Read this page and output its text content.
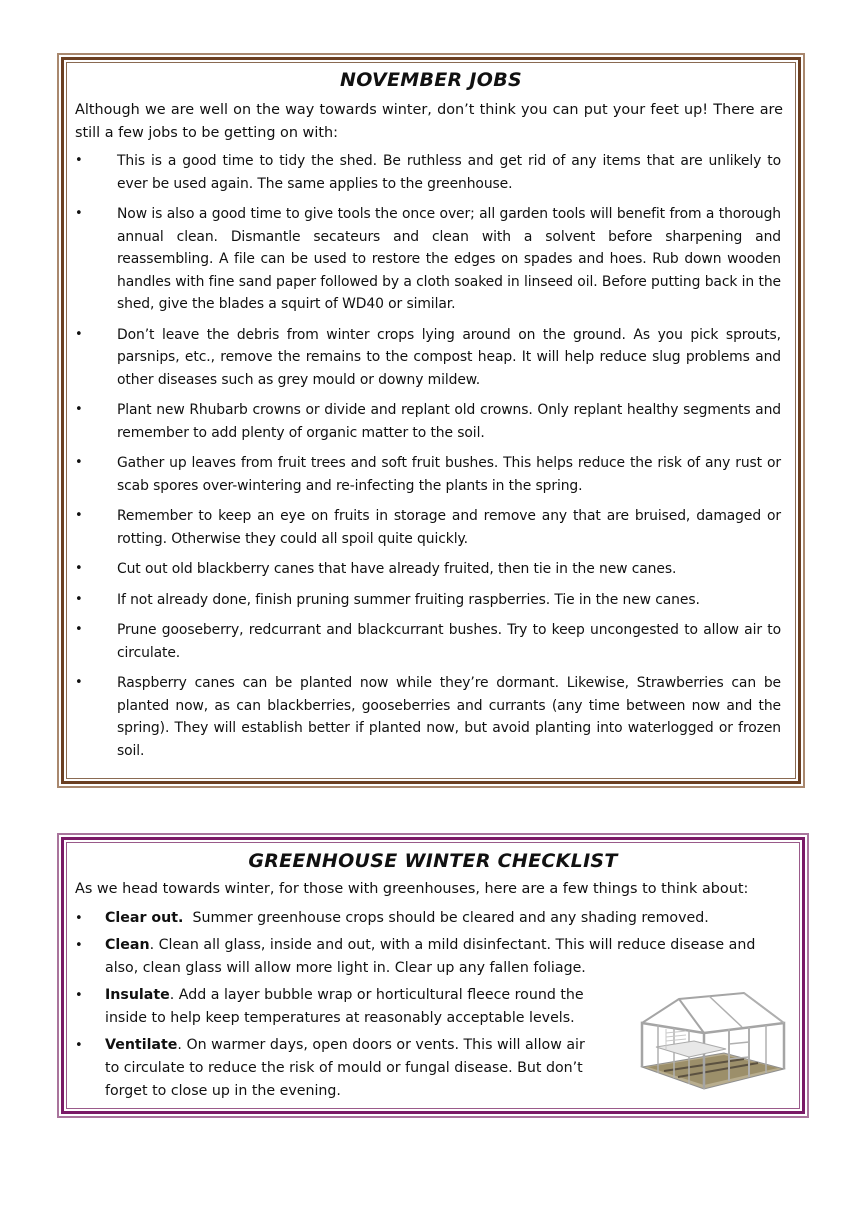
NOVEMBER JOBS

Although we are well on the way towards winter, don’t think you can put your feet up! There are still a few jobs to be getting on with:

• This is a good time to tidy the shed. Be ruthless and get rid of any items that are unlikely to ever be used again. The same applies to the greenhouse.
• Now is also a good time to give tools the once over; all garden tools will benefit from a thorough annual clean. Dismantle secateurs and clean with a solvent before sharpening and reassembling. A file can be used to restore the edges on spades and hoes. Rub down wooden handles with fine sand paper followed by a cloth soaked in linseed oil. Before putting back in the shed, give the blades a squirt of WD40 or similar.
• Don’t leave the debris from winter crops lying around on the ground. As you pick sprouts, parsnips, etc., remove the remains to the compost heap. It will help reduce slug problems and other diseases such as grey mould or downy mildew.
• Plant new Rhubarb crowns or divide and replant old crowns. Only replant healthy segments and remember to add plenty of organic matter to the soil.
• Gather up leaves from fruit trees and soft fruit bushes. This helps reduce the risk of any rust or scab spores over-wintering and re-infecting the plants in the spring.
• Remember to keep an eye on fruits in storage and remove any that are bruised, damaged or rotting. Otherwise they could all spoil quite quickly.
• Cut out old blackberry canes that have already fruited, then tie in the new canes.
• If not already done, finish pruning summer fruiting raspberries. Tie in the new canes.
• Prune gooseberry, redcurrant and blackcurrant bushes. Try to keep uncongested to allow air to circulate.
• Raspberry canes can be planted now while they’re dormant. Likewise, Strawberries can be planted now, as can blackberries, gooseberries and currants (any time between now and the spring). They will establish better if planted now, but avoid planting into waterlogged or frozen soil.
GREENHOUSE WINTER CHECKLIST

As we head towards winter, for those with greenhouses, here are a few things to think about:

• Clear out.  Summer greenhouse crops should be cleared and any shading removed.
• Clean. Clean all glass, inside and out, with a mild disinfectant. This will reduce disease and also, clean glass will allow more light in. Clear up any fallen foliage.
• Insulate. Add a layer bubble wrap or horticultural fleece round the inside to help keep temperatures at reasonably acceptable levels.
• Ventilate. On warmer days, open doors or vents. This will allow air to circulate to reduce the risk of mould or fungal disease. But don’t forget to close up in the evening.
